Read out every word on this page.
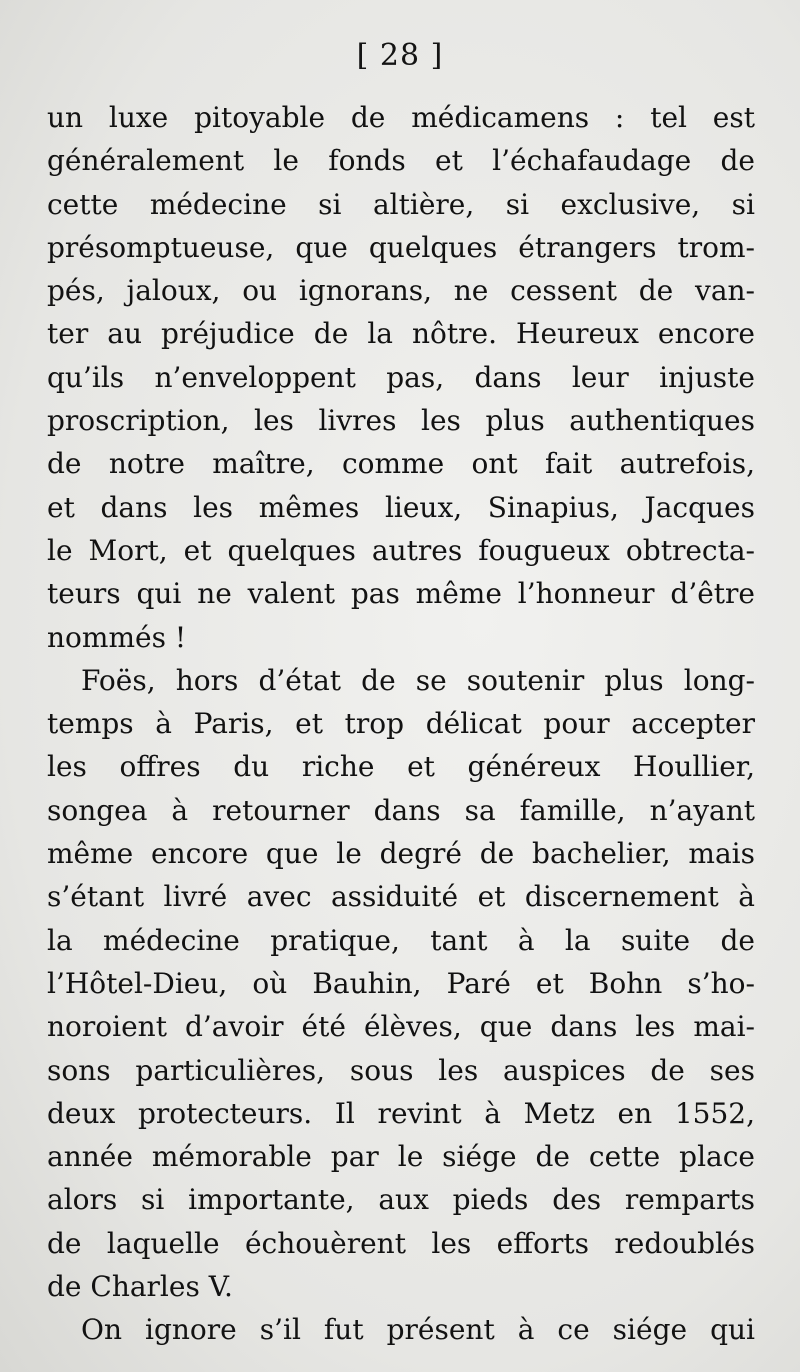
[ 28 ]
un luxe pitoyable de médicamens : tel est
généralement le fonds et l’échafaudage de
cette médecine si altière, si exclusive, si
présomptueuse, que quelques étrangers trom-
pés, jaloux, ou ignorans, ne cessent de van-
ter au préjudice de la nôtre. Heureux encore
qu’ils n’enveloppent pas, dans leur injuste
proscription, les livres les plus authentiques
de notre maître, comme ont fait autrefois,
et dans les mêmes lieux, Sinapius, Jacques
le Mort, et quelques autres fougueux obtrecta-
teurs qui ne valent pas même l’honneur d’être
nommés !
Foës, hors d’état de se soutenir plus long-
temps à Paris, et trop délicat pour accepter
les offres du riche et généreux Houllier,
songea à retourner dans sa famille, n’ayant
même encore que le degré de bachelier, mais
s’étant livré avec assiduité et discernement à
la médecine pratique, tant à la suite de
l’Hôtel-Dieu, où Bauhin, Paré et Bohn s’ho-
noroient d’avoir été élèves, que dans les mai-
sons particulières, sous les auspices de ses
deux protecteurs. Il revint à Metz en 1552,
année mémorable par le siége de cette place
alors si importante, aux pieds des remparts
de laquelle échouèrent les efforts redoublés
de Charles V.
On ignore s’il fut présent à ce siége qui
